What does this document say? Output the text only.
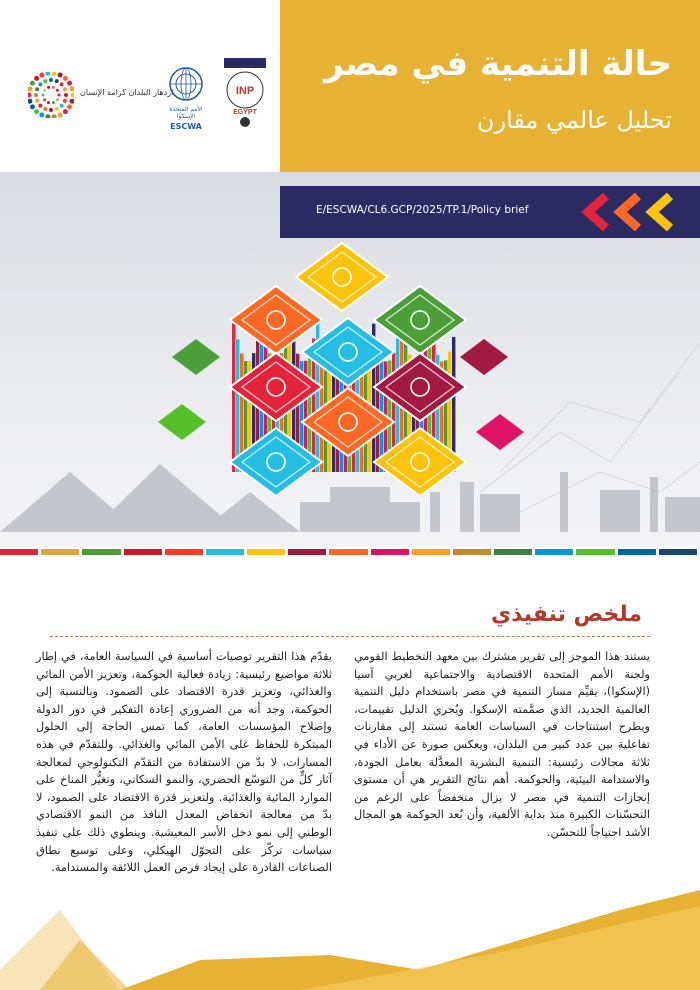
ازدهار البلدان كرامة الإنسان
الأمم المتحدة
الإسكوا
ESCWA
INP
EGYPT
حالة التنمية في مصر
تحليل عالمي مقارن
E/ESCWA/CL6.GCP/2025/TP.1/Policy brief
ملخص تنفيذي
يستند هذا الموجز إلى تقرير مشترك بين معهد التخطيط القومي ولجنة الأمم المتحدة الاقتصادية والاجتماعية لغربي آسيا (الإسكوا)، يقيِّم مسار التنمية في مصر باستخدام دليل التنمية العالمية الجديد، الذي صمَّمته الإسكوا. ويُجري الدليل تقييمات، ويطرح استنتاجات في السياسات العامة تستند إلى مقارنات تفاعلية بين عدد كبير من البلدان، ويعكس صورة عن الأداء في ثلاثة مجالات رئيسية: التنمية البشرية المعدَّلة بعامل الجودة، والاستدامة البيئية، والحوكمة. أهم نتائج التقرير هي أن مستوى إنجازات التنمية في مصر لا يزال منخفضاً على الرغم من التحسّنات الكبيرة منذ بداية الألفية، وأن بُعد الحوكمة هو المجال الأشد احتياجاً للتحسّن.
يقدّم هذا التقرير توصيات أساسية في السياسة العامة، في إطار ثلاثة مواضيع رئيسية: زيادة فعالية الحوكمة، وتعزيز الأمن المائي والغذائي، وتعزيز قدرة الاقتصاد على الصمود. وبالنسبة إلى الحوكمة، وجد أنه من الضروري إعادة التفكير في دور الدولة وإصلاح المؤسسات العامة، كما تمس الحاجة إلى الحلول المبتكرة للحفاظ على الأمن المائي والغذائي. وللتقدّم في هذه المسارات، لا بدّ من الاستفادة من التقدّم التكنولوجي لمعالجة آثار كلٍّ من التوسّع الحضري، والنمو السكاني، وتغيُّر المناخ على الموارد المائية والغذائية. ولتعزيز قدرة الاقتصاد على الصمود، لا بدّ من معالجة انخفاض المعدل النافذ من النمو الاقتصادي الوطني إلى نمو دخل الأسر المعيشية. وينطوي ذلك على تنفيذ سياسات تركّز على التحوّل الهيكلي، وعلى توسيع نطاق الصناعات القادرة على إيجاد فرص العمل اللائقة والمستدامة.
